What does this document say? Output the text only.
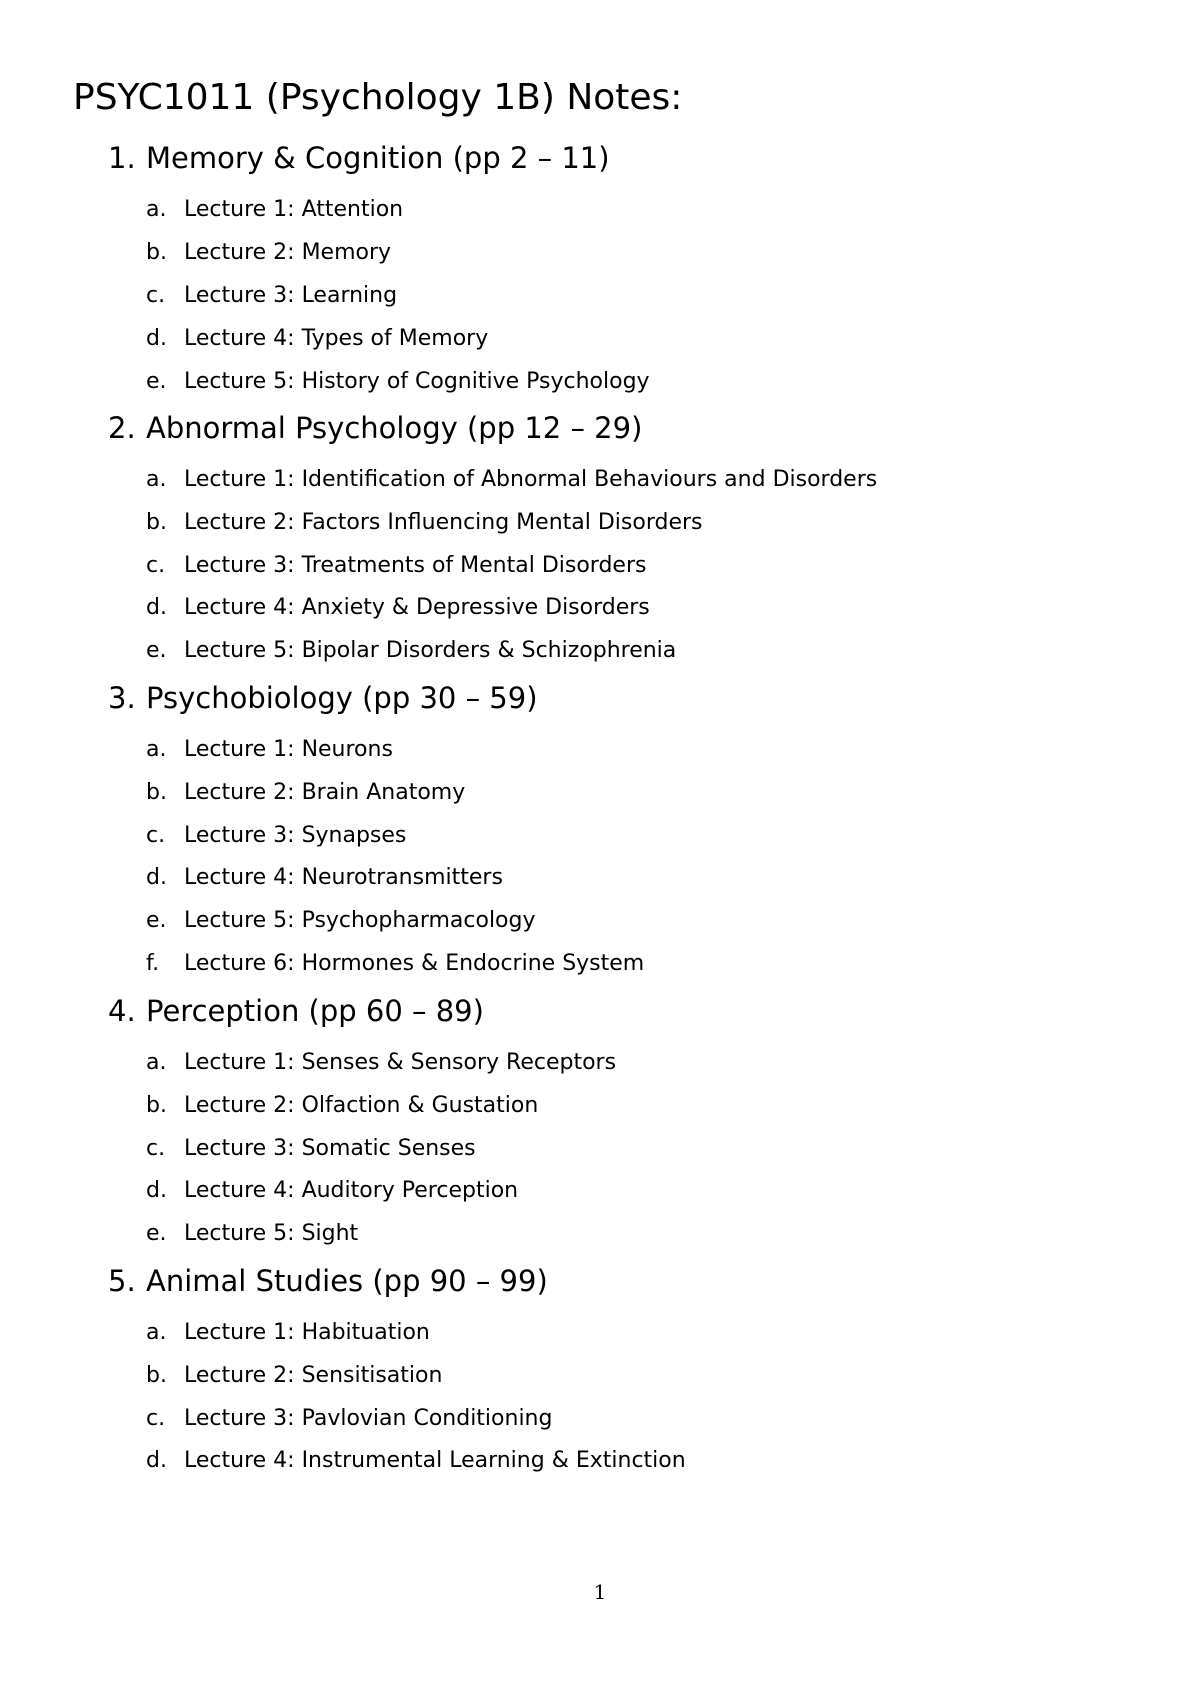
PSYC1011 (Psychology 1B) Notes:
1. Memory & Cognition (pp 2 – 11)
a. Lecture 1: Attention
b. Lecture 2: Memory
c. Lecture 3: Learning
d. Lecture 4: Types of Memory
e. Lecture 5: History of Cognitive Psychology
2. Abnormal Psychology (pp 12 – 29)
a. Lecture 1: Identification of Abnormal Behaviours and Disorders
b. Lecture 2: Factors Influencing Mental Disorders
c. Lecture 3: Treatments of Mental Disorders
d. Lecture 4: Anxiety & Depressive Disorders
e. Lecture 5: Bipolar Disorders & Schizophrenia
3. Psychobiology (pp 30 – 59)
a. Lecture 1: Neurons
b. Lecture 2: Brain Anatomy
c. Lecture 3: Synapses
d. Lecture 4: Neurotransmitters
e. Lecture 5: Psychopharmacology
f. Lecture 6: Hormones & Endocrine System
4. Perception (pp 60 – 89)
a. Lecture 1: Senses & Sensory Receptors
b. Lecture 2: Olfaction & Gustation
c. Lecture 3: Somatic Senses
d. Lecture 4: Auditory Perception
e. Lecture 5: Sight
5. Animal Studies (pp 90 – 99)
a. Lecture 1: Habituation
b. Lecture 2: Sensitisation
c. Lecture 3: Pavlovian Conditioning
d. Lecture 4: Instrumental Learning & Extinction
1
